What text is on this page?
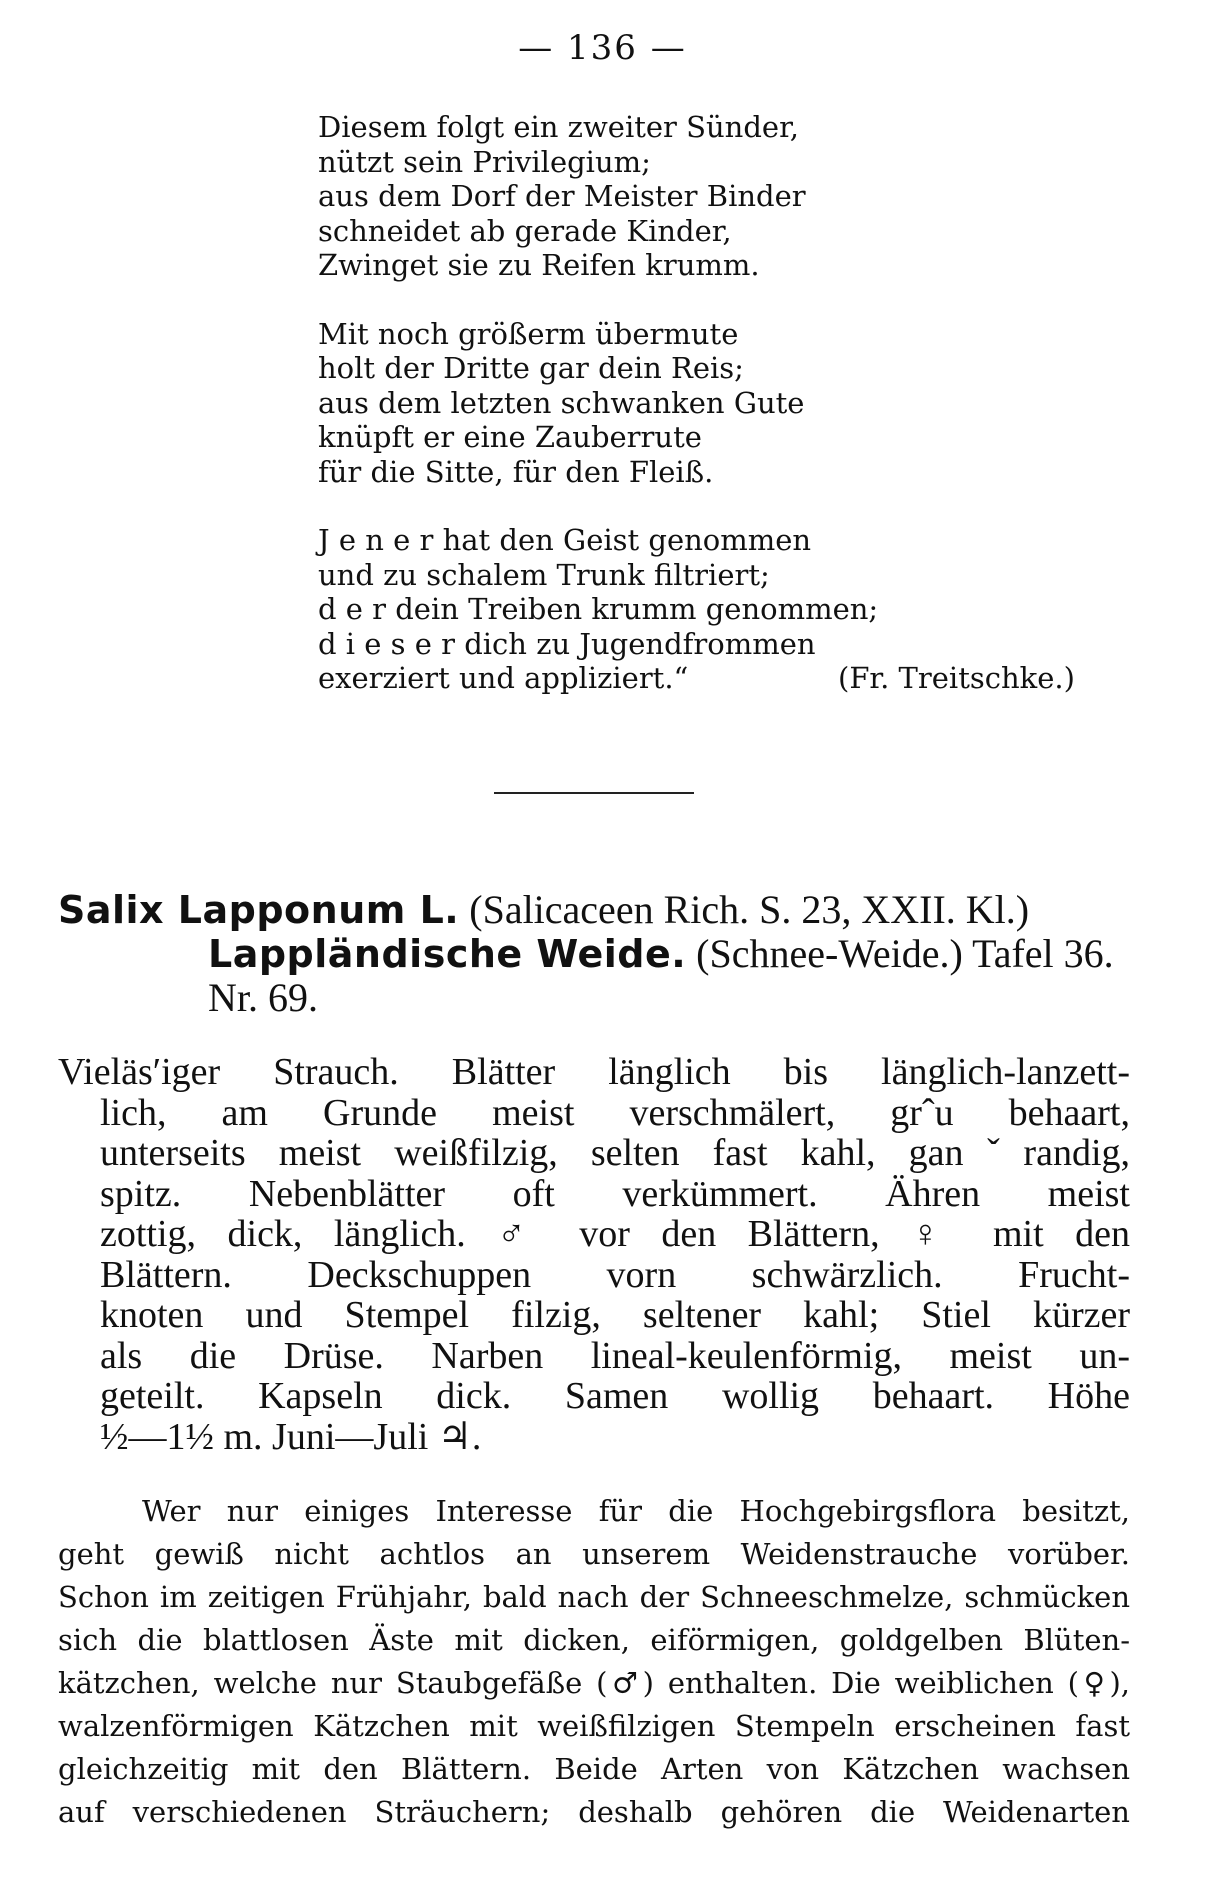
— 136 —
Diesem folgt ein zweiter Sünder,
nützt sein Privilegium;
aus dem Dorf der Meister Binder
schneidet ab gerade Kinder,
Zwinget sie zu Reifen krumm.
Mit noch größerm übermute
holt der Dritte gar dein Reis;
aus dem letzten schwanken Gute
knüpft er eine Zauberrute
für die Sitte, für den Fleiß.
J e n e r hat den Geist genommen
und zu schalem Trunk filtriert;
d e r dein Treiben krumm genommen;
d i e s e r dich zu Jugendfrommen
exerziert und appliziert.“	(Fr. Treitschke.)
Salix Lapponum L. (Salicaceen Rich. S. 23, XXII. Kl.)
Lappländische Weide. (Schnee-Weide.) Tafel 36.
Nr. 69.
Vieläsʹiger Strauch. Blätter länglich bis länglich-lanzett-
lich, am Grunde meist verschmälert, grˆu behaart,
unterseits meist weißfilzig, selten fast kahl, ganˇrandig,
spitz. Nebenblätter oft verkümmert. Ähren meist
zottig, dick, länglich. ♂ vor den Blättern, ♀ mit den
Blättern. Deckschuppen vorn schwärzlich. Frucht-
knoten und Stempel filzig, seltener kahl; Stiel kürzer
als die Drüse. Narben lineal-keulenförmig, meist un-
geteilt. Kapseln dick. Samen wollig behaart. Höhe
½—1½ m. Juni—Juli ♃.
Wer nur einiges Interesse für die Hochgebirgsflora besitzt,
geht gewiß nicht achtlos an unserem Weidenstrauche vorüber.
Schon im zeitigen Frühjahr, bald nach der Schneeschmelze, schmücken
sich die blattlosen Äste mit dicken, eiförmigen, goldgelben Blüten-
kätzchen, welche nur Staubgefäße (♂) enthalten. Die weiblichen (♀),
walzenförmigen Kätzchen mit weißfilzigen Stempeln erscheinen fast
gleichzeitig mit den Blättern. Beide Arten von Kätzchen wachsen
auf verschiedenen Sträuchern; deshalb gehören die Weidenarten
